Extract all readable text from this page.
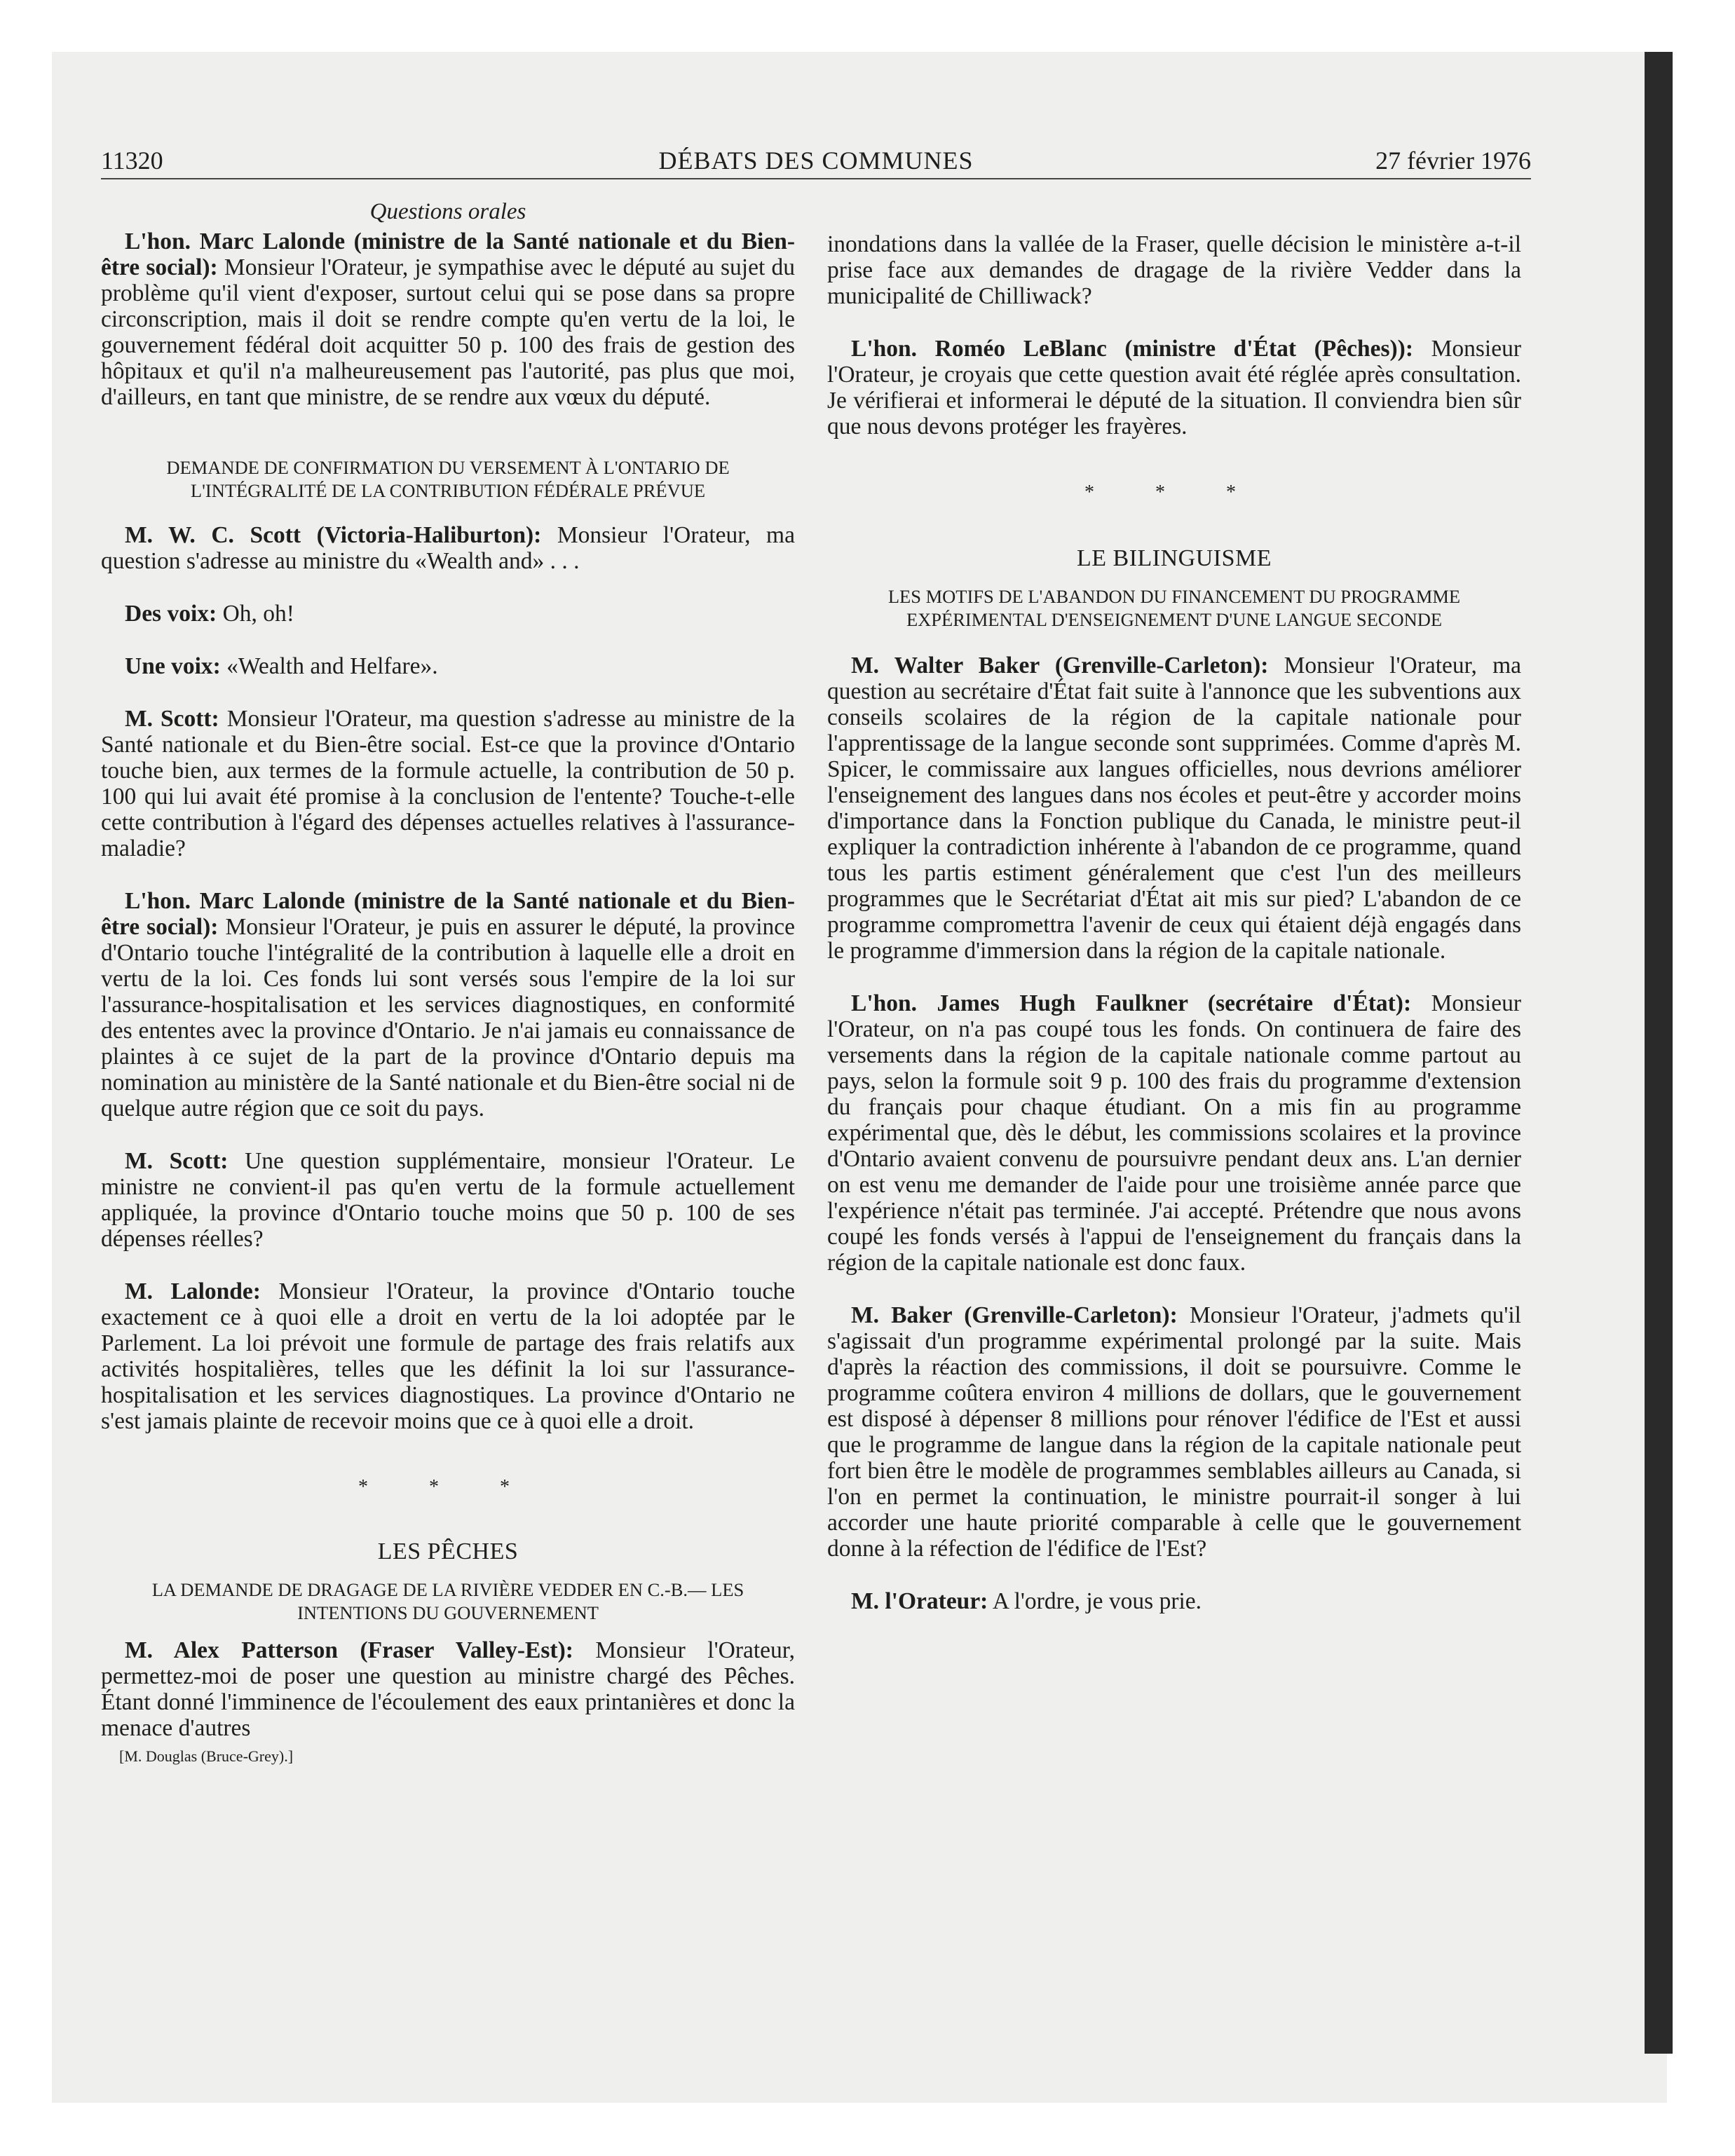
11320	DÉBATS DES COMMUNES	27 février 1976

Questions orales

L'hon. Marc Lalonde (ministre de la Santé nationale et du Bien-être social): Monsieur l'Orateur, je sympathise avec le député au sujet du problème qu'il vient d'exposer, surtout celui qui se pose dans sa propre circonscription, mais il doit se rendre compte qu'en vertu de la loi, le gouvernement fédéral doit acquitter 50 p. 100 des frais de gestion des hôpitaux et qu'il n'a malheureusement pas l'autorité, pas plus que moi, d'ailleurs, en tant que ministre, de se rendre aux vœux du député.

DEMANDE DE CONFIRMATION DU VERSEMENT À L'ONTARIO DE L'INTÉGRALITÉ DE LA CONTRIBUTION FÉDÉRALE PRÉVUE

M. W. C. Scott (Victoria-Haliburton): Monsieur l'Orateur, ma question s'adresse au ministre du «Wealth and» . . .

Des voix: Oh, oh!

Une voix: «Wealth and Helfare».

M. Scott: Monsieur l'Orateur, ma question s'adresse au ministre de la Santé nationale et du Bien-être social. Est-ce que la province d'Ontario touche bien, aux termes de la formule actuelle, la contribution de 50 p. 100 qui lui avait été promise à la conclusion de l'entente? Touche-t-elle cette contribution à l'égard des dépenses actuelles relatives à l'assurance-maladie?

L'hon. Marc Lalonde (ministre de la Santé nationale et du Bien-être social): Monsieur l'Orateur, je puis en assurer le député, la province d'Ontario touche l'intégralité de la contribution à laquelle elle a droit en vertu de la loi. Ces fonds lui sont versés sous l'empire de la loi sur l'assurance-hospitalisation et les services diagnostiques, en conformité des ententes avec la province d'Ontario. Je n'ai jamais eu connaissance de plaintes à ce sujet de la part de la province d'Ontario depuis ma nomination au ministère de la Santé nationale et du Bien-être social ni de quelque autre région que ce soit du pays.

M. Scott: Une question supplémentaire, monsieur l'Orateur. Le ministre ne convient-il pas qu'en vertu de la formule actuellement appliquée, la province d'Ontario touche moins que 50 p. 100 de ses dépenses réelles?

M. Lalonde: Monsieur l'Orateur, la province d'Ontario touche exactement ce à quoi elle a droit en vertu de la loi adoptée par le Parlement. La loi prévoit une formule de partage des frais relatifs aux activités hospitalières, telles que les définit la loi sur l'assurance-hospitalisation et les services diagnostiques. La province d'Ontario ne s'est jamais plainte de recevoir moins que ce à quoi elle a droit.

* * *

LES PÊCHES

LA DEMANDE DE DRAGAGE DE LA RIVIÈRE VEDDER EN C.-B.— LES INTENTIONS DU GOUVERNEMENT

M. Alex Patterson (Fraser Valley-Est): Monsieur l'Orateur, permettez-moi de poser une question au ministre chargé des Pêches. Étant donné l'imminence de l'écoulement des eaux printanières et donc la menace d'autres

[M. Douglas (Bruce-Grey).]

inondations dans la vallée de la Fraser, quelle décision le ministère a-t-il prise face aux demandes de dragage de la rivière Vedder dans la municipalité de Chilliwack?

L'hon. Roméo LeBlanc (ministre d'État (Pêches)): Monsieur l'Orateur, je croyais que cette question avait été réglée après consultation. Je vérifierai et informerai le député de la situation. Il conviendra bien sûr que nous devons protéger les frayères.

* * *

LE BILINGUISME

LES MOTIFS DE L'ABANDON DU FINANCEMENT DU PROGRAMME EXPÉRIMENTAL D'ENSEIGNEMENT D'UNE LANGUE SECONDE

M. Walter Baker (Grenville-Carleton): Monsieur l'Orateur, ma question au secrétaire d'État fait suite à l'annonce que les subventions aux conseils scolaires de la région de la capitale nationale pour l'apprentissage de la langue seconde sont supprimées. Comme d'après M. Spicer, le commissaire aux langues officielles, nous devrions améliorer l'enseignement des langues dans nos écoles et peut-être y accorder moins d'importance dans la Fonction publique du Canada, le ministre peut-il expliquer la contradiction inhérente à l'abandon de ce programme, quand tous les partis estiment généralement que c'est l'un des meilleurs programmes que le Secrétariat d'État ait mis sur pied? L'abandon de ce programme compromettra l'avenir de ceux qui étaient déjà engagés dans le programme d'immersion dans la région de la capitale nationale.

L'hon. James Hugh Faulkner (secrétaire d'État): Monsieur l'Orateur, on n'a pas coupé tous les fonds. On continuera de faire des versements dans la région de la capitale nationale comme partout au pays, selon la formule soit 9 p. 100 des frais du programme d'extension du français pour chaque étudiant. On a mis fin au programme expérimental que, dès le début, les commissions scolaires et la province d'Ontario avaient convenu de poursuivre pendant deux ans. L'an dernier on est venu me demander de l'aide pour une troisième année parce que l'expérience n'était pas terminée. J'ai accepté. Prétendre que nous avons coupé les fonds versés à l'appui de l'enseignement du français dans la région de la capitale nationale est donc faux.

M. Baker (Grenville-Carleton): Monsieur l'Orateur, j'admets qu'il s'agissait d'un programme expérimental prolongé par la suite. Mais d'après la réaction des commissions, il doit se poursuivre. Comme le programme coûtera environ 4 millions de dollars, que le gouvernement est disposé à dépenser 8 millions pour rénover l'édifice de l'Est et aussi que le programme de langue dans la région de la capitale nationale peut fort bien être le modèle de programmes semblables ailleurs au Canada, si l'on en permet la continuation, le ministre pourrait-il songer à lui accorder une haute priorité comparable à celle que le gouvernement donne à la réfection de l'édifice de l'Est?

M. l'Orateur: A l'ordre, je vous prie.
